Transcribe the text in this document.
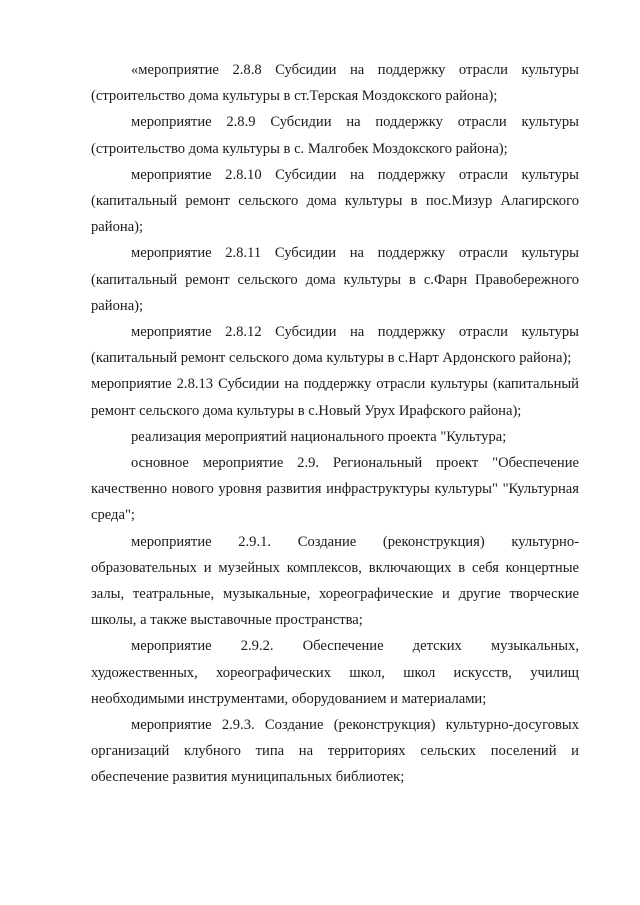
«мероприятие 2.8.8 Субсидии на поддержку отрасли культуры (строительство дома культуры в ст.Терская Моздокского района);

мероприятие 2.8.9 Субсидии на поддержку отрасли культуры (строительство дома культуры в с. Малгобек Моздокского района);

мероприятие 2.8.10 Субсидии на поддержку отрасли культуры (капитальный ремонт сельского дома культуры в пос.Мизур Алагирского района);

мероприятие 2.8.11 Субсидии на поддержку отрасли культуры (капитальный ремонт сельского дома культуры в с.Фарн Правобережного района);

мероприятие 2.8.12 Субсидии на поддержку отрасли культуры (капитальный ремонт сельского дома культуры в с.Нарт Ардонского района);

мероприятие 2.8.13 Субсидии на поддержку отрасли культуры (капитальный ремонт сельского дома культуры в с.Новый Урух Ирафского района);

реализация мероприятий национального проекта "Культура;

основное мероприятие 2.9. Региональный проект "Обеспечение качественно нового уровня развития инфраструктуры культуры" "Культурная среда";

мероприятие 2.9.1. Создание (реконструкция) культурно-образовательных и музейных комплексов, включающих в себя концертные залы, театральные, музыкальные, хореографические и другие творческие школы, а также выставочные пространства;

мероприятие 2.9.2. Обеспечение детских музыкальных, художественных, хореографических школ, школ искусств, училищ необходимыми инструментами, оборудованием и материалами;

мероприятие 2.9.3. Создание (реконструкция) культурно-досуговых организаций клубного типа на территориях сельских поселений и обеспечение развития муниципальных библиотек;
